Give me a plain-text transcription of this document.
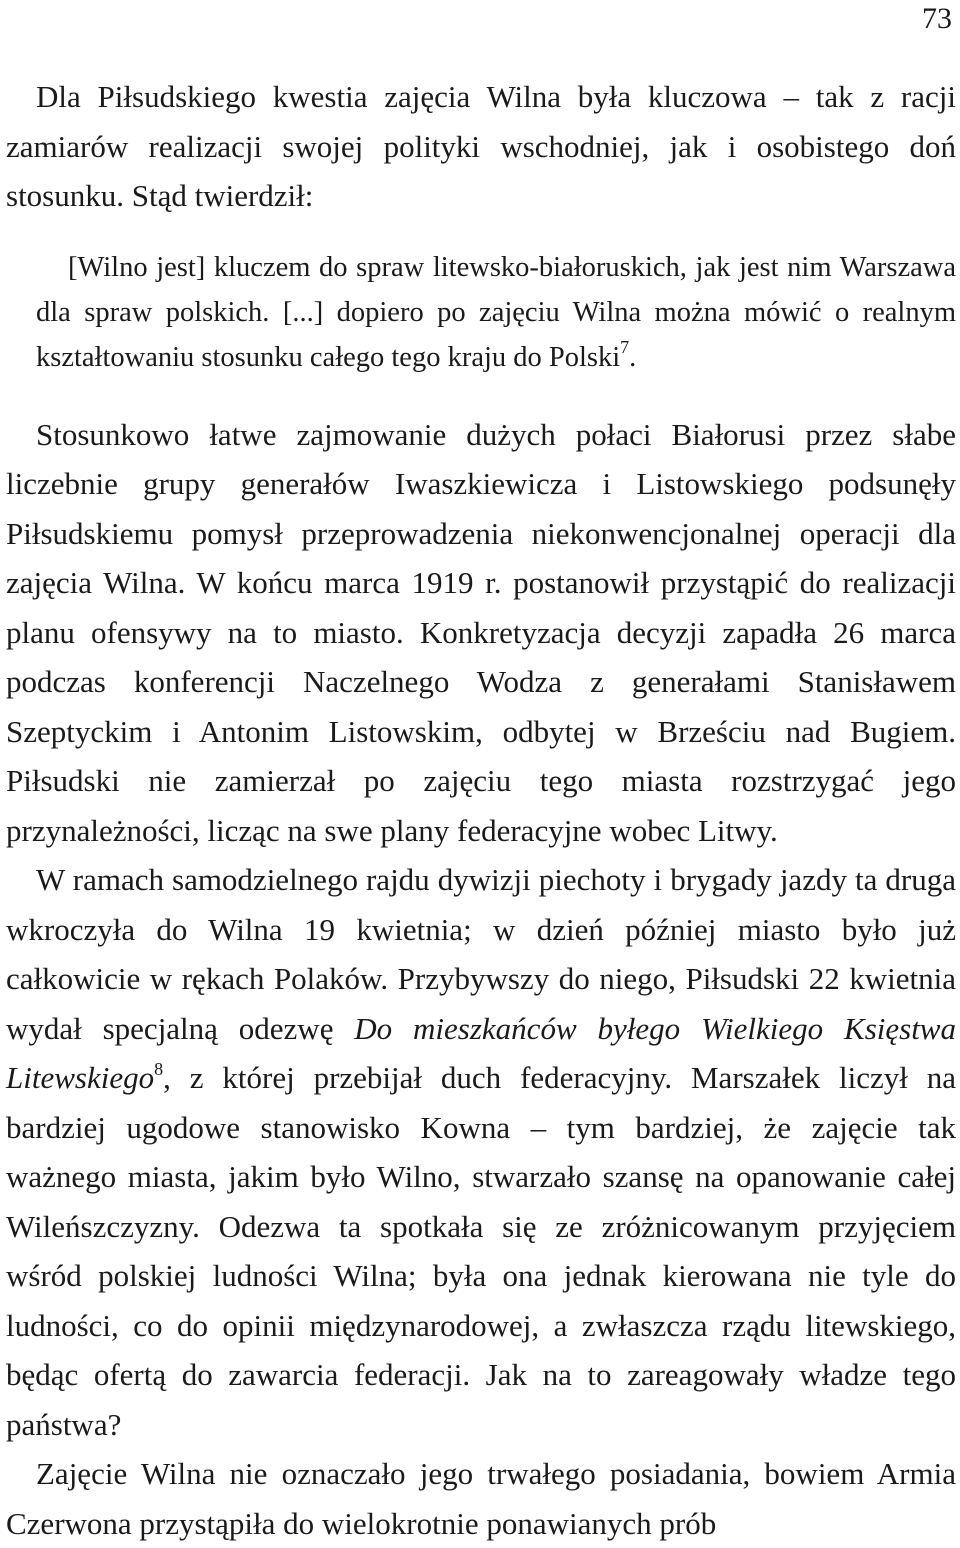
73

Dla Piłsudskiego kwestia zajęcia Wilna była kluczowa – tak z racji zamiarów realizacji swojej polityki wschodniej, jak i osobistego doń stosunku. Stąd twierdził:

[Wilno jest] kluczem do spraw litewsko-białoruskich, jak jest nim Warszawa dla spraw polskich. [...] dopiero po zajęciu Wilna można mówić o realnym kształtowaniu stosunku całego tego kraju do Polski$^7$.

Stosunkowo łatwe zajmowanie dużych połaci Białorusi przez słabe liczebnie grupy generałów Iwaszkiewicza i Listowskiego podsunęły Piłsudskiemu pomysł przeprowadzenia niekonwencjonalnej operacji dla zajęcia Wilna. W końcu marca 1919 r. postanowił przystąpić do realizacji planu ofensywy na to miasto. Konkretyzacja decyzji zapadła 26 marca podczas konferencji Naczelnego Wodza z generałami Stanisławem Szeptyckim i Antonim Listowskim, odbytej w Brześciu nad Bugiem. Piłsudski nie zamierzał po zajęciu tego miasta rozstrzygać jego przynależności, licząc na swe plany federacyjne wobec Litwy.

W ramach samodzielnego rajdu dywizji piechoty i brygady jazdy ta druga wkroczyła do Wilna 19 kwietnia; w dzień później miasto było już całkowicie w rękach Polaków. Przybywszy do niego, Piłsudski 22 kwietnia wydał specjalną odezwę Do mieszkańców byłego Wielkiego Księstwa Litewskiego$^8$, z której przebijał duch federacyjny. Marszałek liczył na bardziej ugodowe stanowisko Kowna – tym bardziej, że zajęcie tak ważnego miasta, jakim było Wilno, stwarzało szansę na opanowanie całej Wileńszczyzny. Odezwa ta spotkała się ze zróżnicowanym przyjęciem wśród polskiej ludności Wilna; była ona jednak kierowana nie tyle do ludności, co do opinii międzynarodowej, a zwłaszcza rządu litewskiego, będąc ofertą do zawarcia federacji. Jak na to zareagowały władze tego państwa?

Zajęcie Wilna nie oznaczało jego trwałego posiadania, bowiem Armia Czerwona przystąpiła do wielokrotnie ponawianych prób
